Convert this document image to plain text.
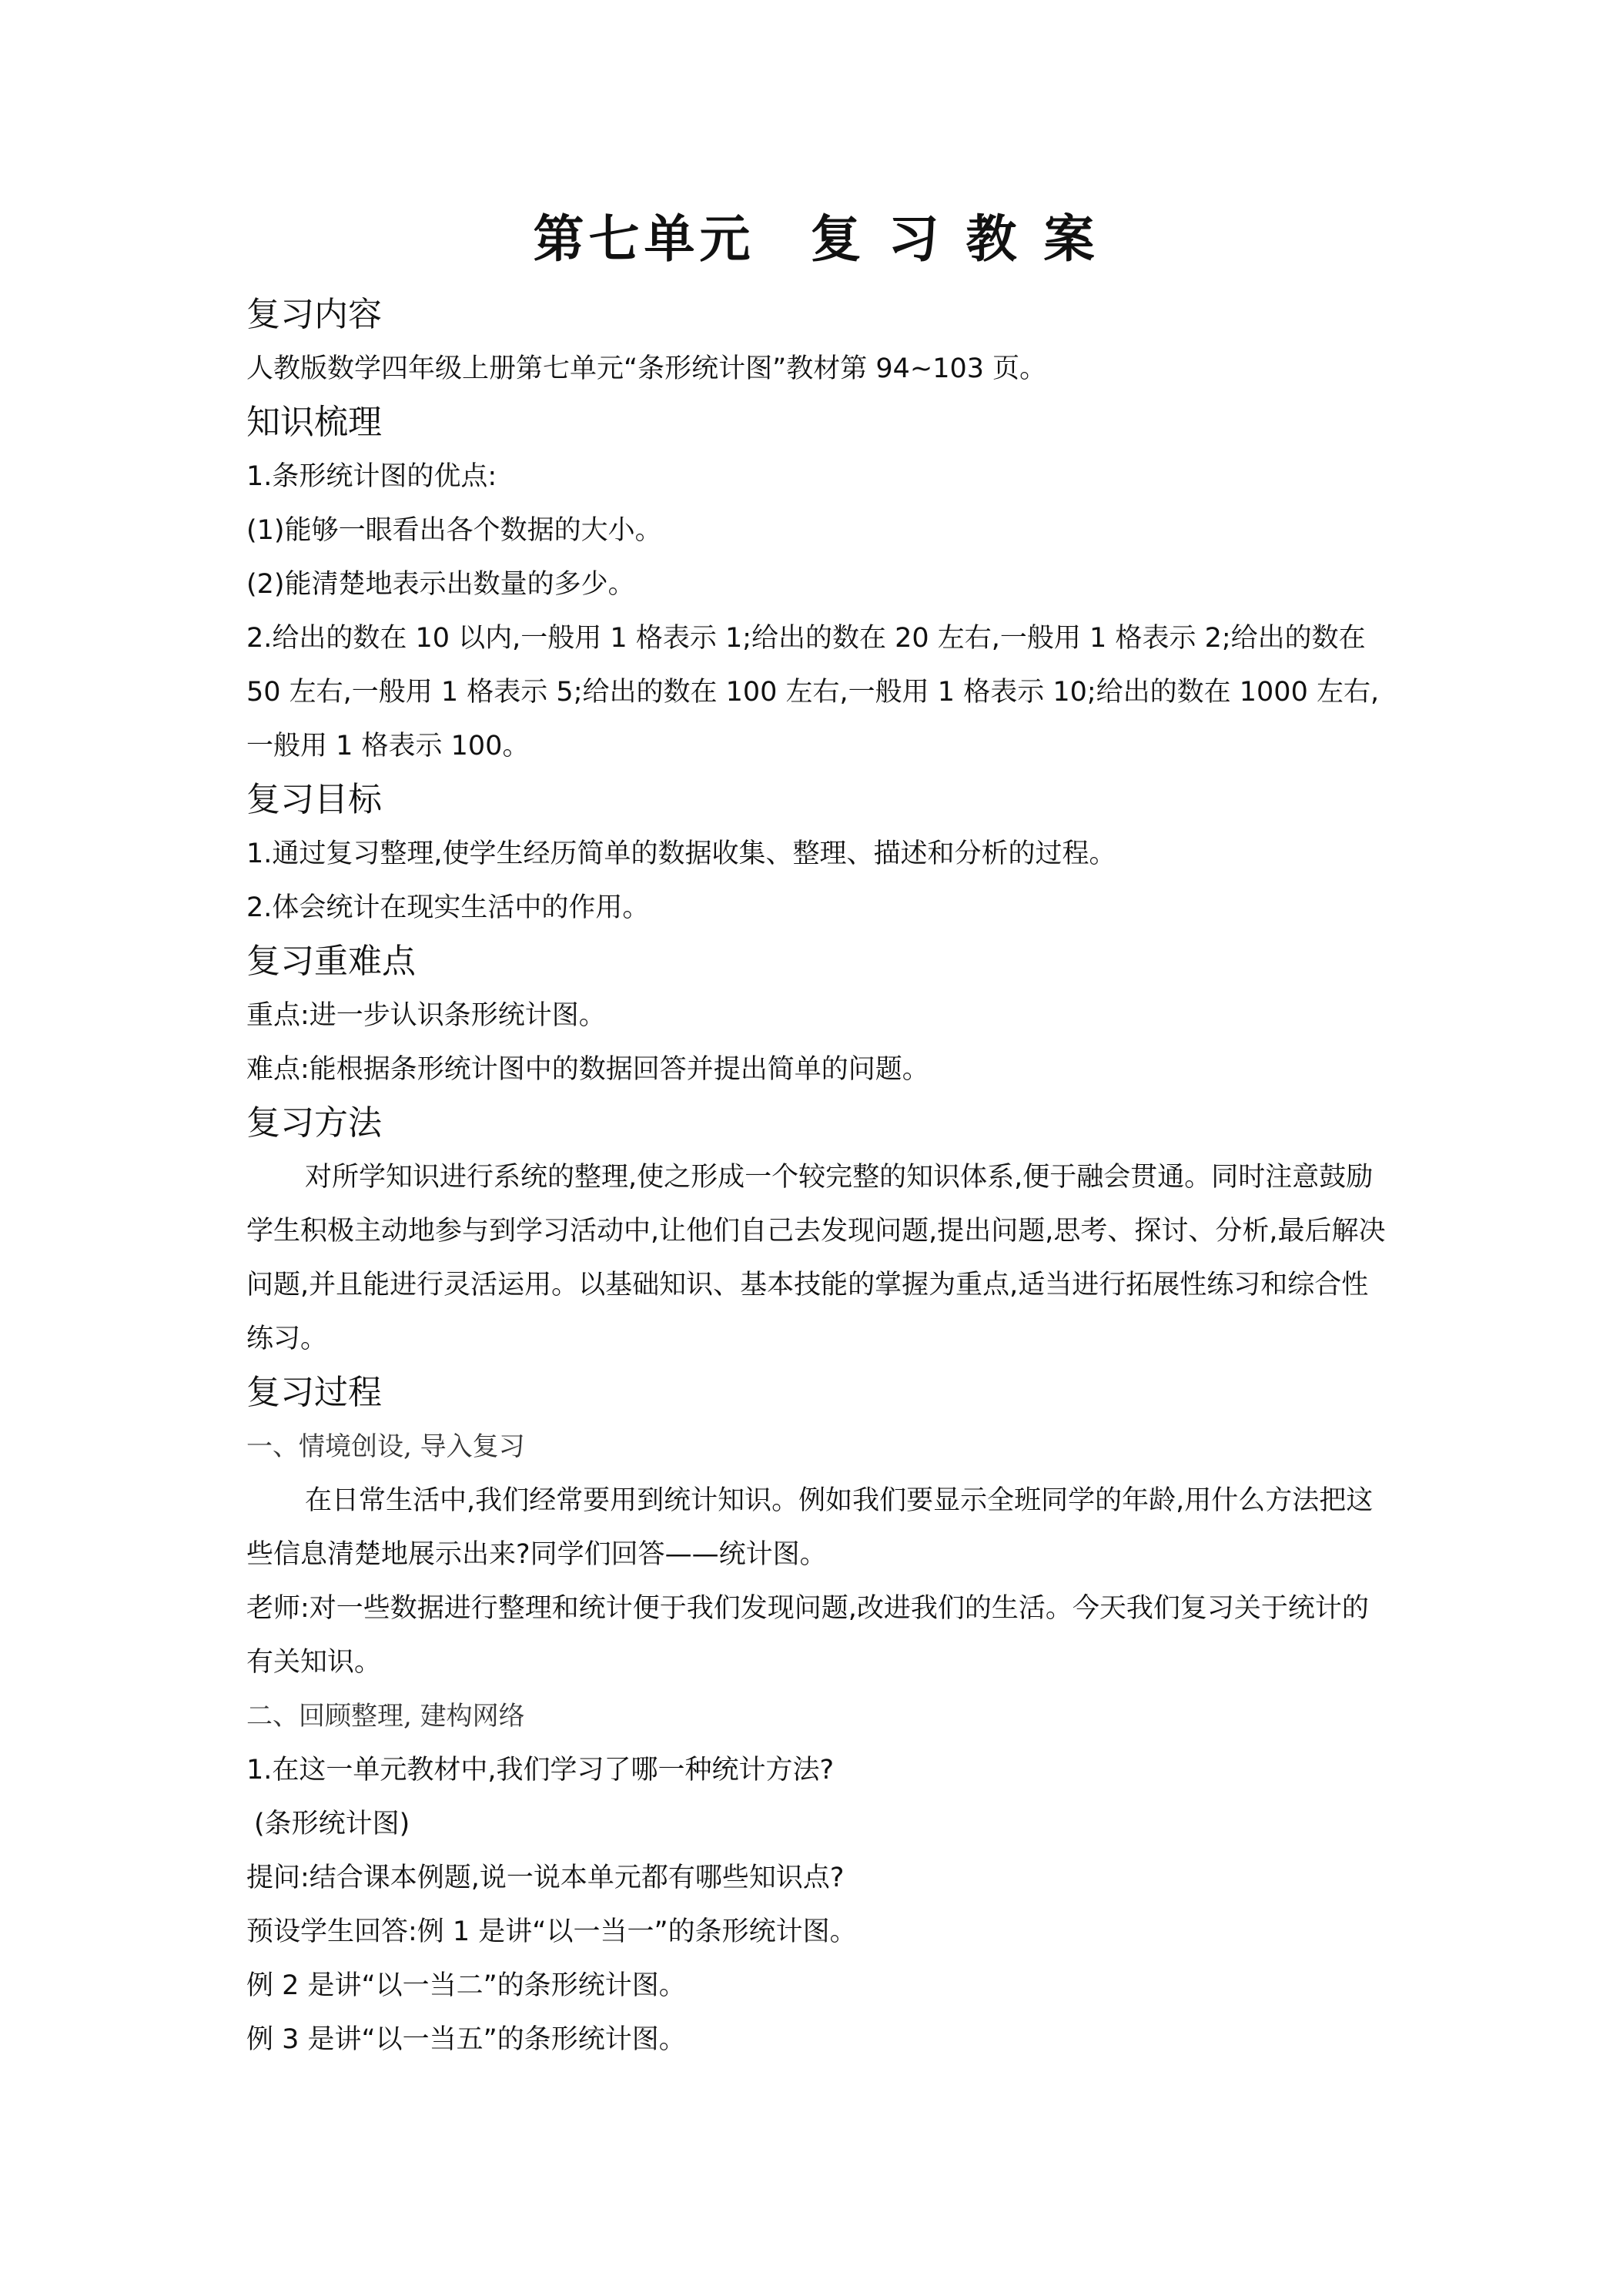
第七单元　复 习 教 案
复习内容

人教版数学四年级上册第七单元“条形统计图”教材第 94~103 页。

知识梳理

1.条形统计图的优点:

(1)能够一眼看出各个数据的大小。

(2)能清楚地表示出数量的多少。

2.给出的数在 10 以内,一般用 1 格表示 1;给出的数在 20 左右,一般用 1 格表示 2;给出的数在 50 左右,一般用 1 格表示 5;给出的数在 100 左右,一般用 1 格表示 10;给出的数在 1000 左右,一般用 1 格表示 100。

复习目标

1.通过复习整理,使学生经历简单的数据收集、整理、描述和分析的过程。

2.体会统计在现实生活中的作用。

复习重难点

重点:进一步认识条形统计图。

难点:能根据条形统计图中的数据回答并提出简单的问题。

复习方法

对所学知识进行系统的整理,使之形成一个较完整的知识体系,便于融会贯通。同时注意鼓励学生积极主动地参与到学习活动中,让他们自己去发现问题,提出问题,思考、探讨、分析,最后解决问题,并且能进行灵活运用。以基础知识、基本技能的掌握为重点,适当进行拓展性练习和综合性练习。

复习过程

一、情境创设, 导入复习

在日常生活中,我们经常要用到统计知识。例如我们要显示全班同学的年龄,用什么方法把这些信息清楚地展示出来?同学们回答——统计图。

老师:对一些数据进行整理和统计便于我们发现问题,改进我们的生活。今天我们复习关于统计的有关知识。

二、回顾整理, 建构网络

1.在这一单元教材中,我们学习了哪一种统计方法?

(条形统计图)

提问:结合课本例题,说一说本单元都有哪些知识点?

预设学生回答:例 1 是讲“以一当一”的条形统计图。

例 2 是讲“以一当二”的条形统计图。

例 3 是讲“以一当五”的条形统计图。
